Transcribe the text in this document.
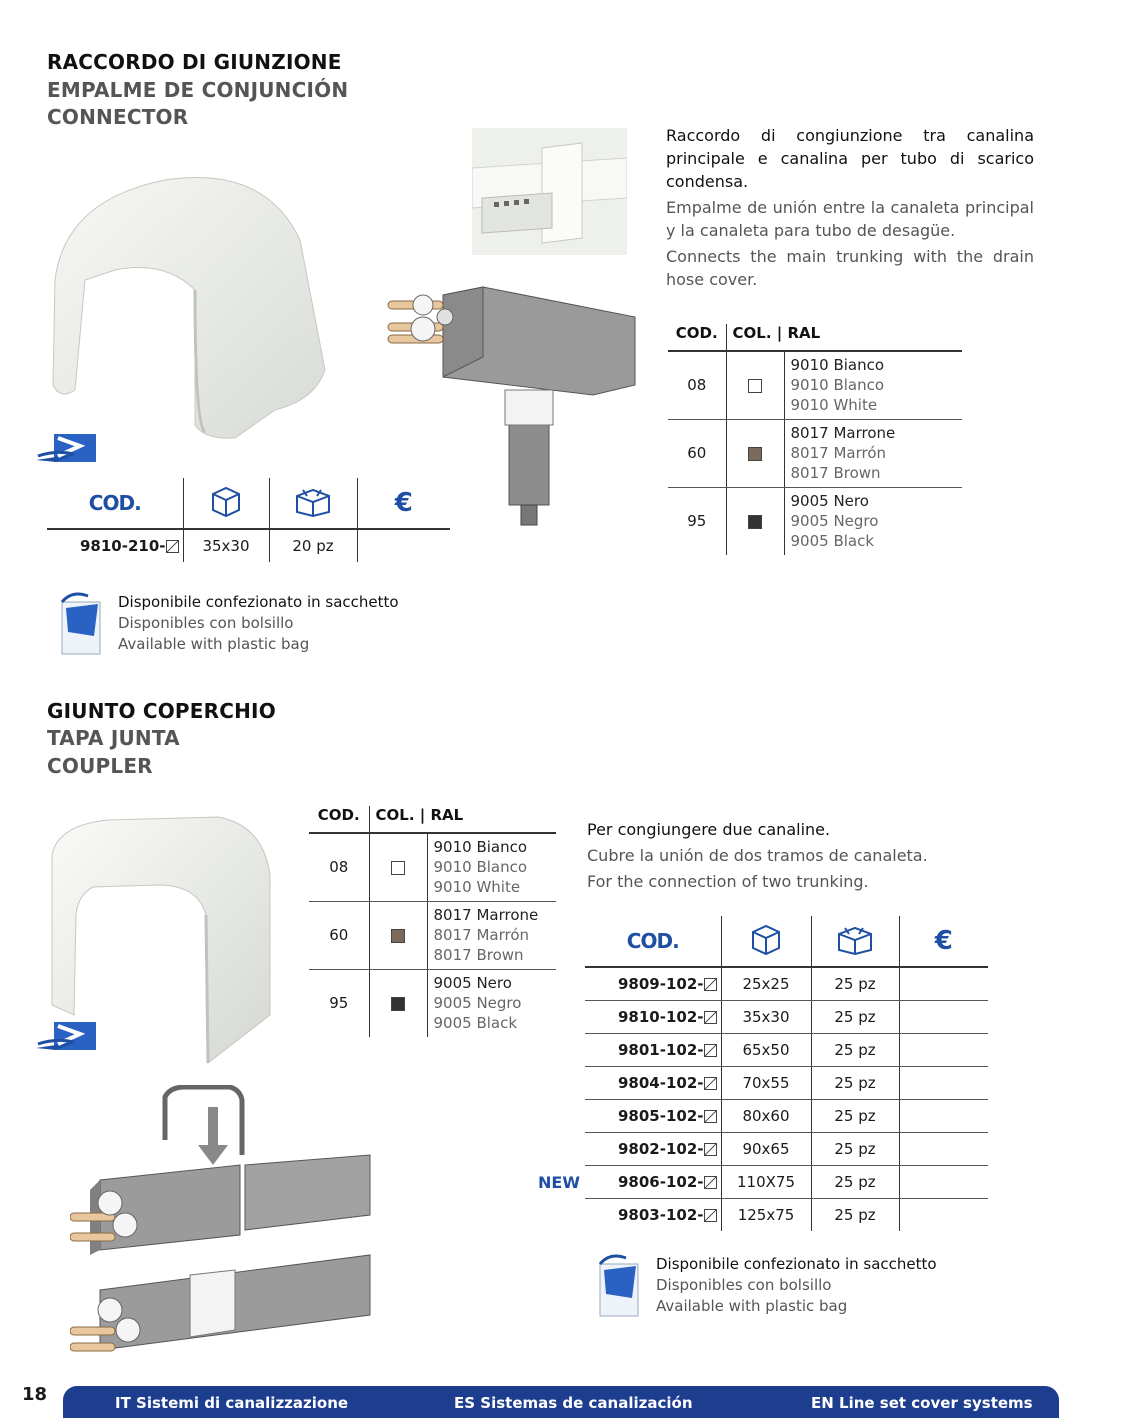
RACCORDO DI GIUNZIONE
EMPALME DE CONJUNCIÓN
CONNECTOR
COD.			€
9810-210-	35x30	20 pz	

Raccordo di congiunzione tra canalina principale e canalina per tubo di scarico condensa.

Empalme de unión entre la canaleta principal y la canaleta para tubo de desagüe.

Connects the main trunking with the drain hose cover.

COD.	COL. | RAL	
08		9010 Bianco
9010 Blanco
9010 White

60		8017 Marrone
8017 Marrón
8017 Brown

95		9005 Nero
9005 Negro
9005 Black
Disponibile confezionato in sacchetto
Disponibles con bolsillo
Available with plastic bag
GIUNTO COPERCHIO
TAPA JUNTA
COUPLER
COD.	COL. | RAL	
08		9010 Bianco
9010 Blanco
9010 White

60		8017 Marrone
8017 Marrón
8017 Brown

95		9005 Nero
9005 Negro
9005 Black

Per congiungere due canaline.

Cubre la unión de dos tramos de canaleta.

For the connection of two trunking.

NEW
COD.			€
9809-102-	25x25	25 pz	
9810-102-	35x30	25 pz	
9801-102-	65x50	25 pz	
9804-102-	70x55	25 pz	
9805-102-	80x60	25 pz	
9802-102-	90x65	25 pz	
9806-102-	110X75	25 pz	
9803-102-	125x75	25 pz	
Disponibile confezionato in sacchetto
Disponibles con bolsillo
Available with plastic bag
18	IT Sistemi di canalizzazione	ES Sistemas de canalización	EN Line set cover systems
